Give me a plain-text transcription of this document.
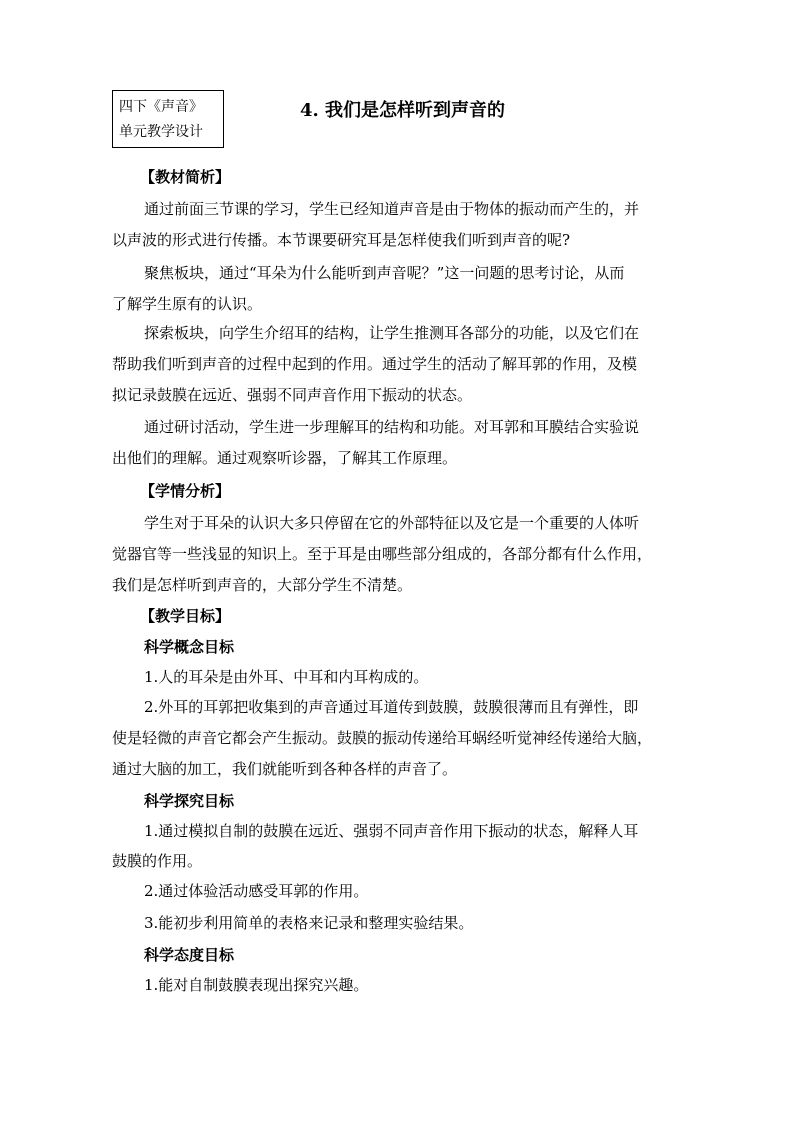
四下《声音》
单元教学设计
4. 我们是怎样听到声音的
【教材简析】
通过前面三节课的学习，学生已经知道声音是由于物体的振动而产生的，并
以声波的形式进行传播。本节课要研究耳是怎样使我们听到声音的呢?
聚焦板块，通过“耳朵为什么能听到声音呢？”这一问题的思考讨论，从而
了解学生原有的认识。
探索板块，向学生介绍耳的结构，让学生推测耳各部分的功能，以及它们在
帮助我们听到声音的过程中起到的作用。通过学生的活动了解耳郭的作用，及模
拟记录鼓膜在远近、强弱不同声音作用下振动的状态。
通过研讨活动，学生进一步理解耳的结构和功能。对耳郭和耳膜结合实验说
出他们的理解。通过观察听诊器，了解其工作原理。
【学情分析】
学生对于耳朵的认识大多只停留在它的外部特征以及它是一个重要的人体听
觉器官等一些浅显的知识上。至于耳是由哪些部分组成的，各部分都有什么作用，
我们是怎样听到声音的，大部分学生不清楚。
【教学目标】
科学概念目标
1.人的耳朵是由外耳、中耳和内耳构成的。
2.外耳的耳郭把收集到的声音通过耳道传到鼓膜，鼓膜很薄而且有弹性，即
使是轻微的声音它都会产生振动。鼓膜的振动传递给耳蜗经听觉神经传递给大脑，
通过大脑的加工，我们就能听到各种各样的声音了。
科学探究目标
1.通过模拟自制的鼓膜在远近、强弱不同声音作用下振动的状态，解释人耳
鼓膜的作用。
2.通过体验活动感受耳郭的作用。
3.能初步利用简单的表格来记录和整理实验结果。
科学态度目标
1.能对自制鼓膜表现出探究兴趣。
